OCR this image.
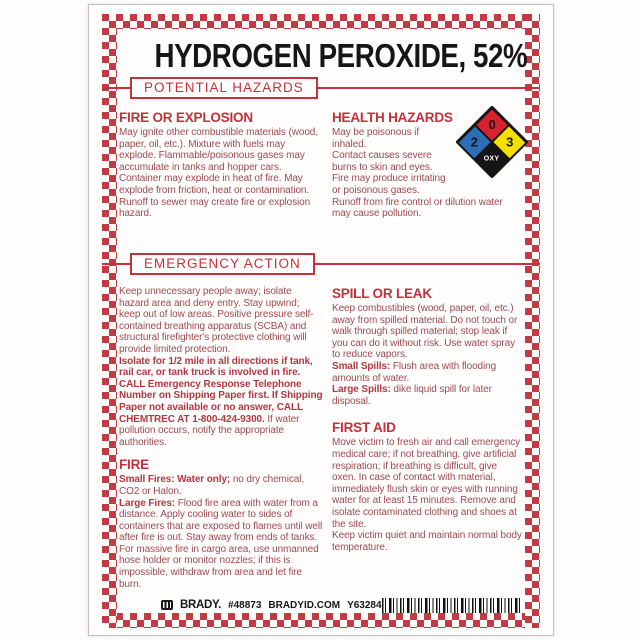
HYDROGEN PEROXIDE, 52%
POTENTIAL HAZARDS
FIRE OR EXPLOSION

May ignite other combustible materials (wood, paper, oil, etc.). Mixture with fuels may explode. Flammable/poisonous gases may accumulate in tanks and hopper cars. Container may explode in heat of fire. May explode from friction, heat or contamination. Runoff to sewer may create fire or explosion hazard.

0
3
2
OXY
HEALTH HAZARDS

May be poisonous if inhaled.

Contact causes severe burns to skin and eyes.

Fire may produce irritating or poisonous gases.

Runoff from fire control or dilution water may cause pollution.

EMERGENCY ACTION

Keep unnecessary people away; isolate hazard area and deny entry. Stay upwind; keep out of low areas. Positive pressure self-contained breathing apparatus (SCBA) and structural firefighter's protective clothing will provide limited protection.

Isolate for 1/2 mile in all directions if tank, rail car, or tank truck is involved in fire. CALL Emergency Response Telephone Number on Shipping Paper first. If Shipping Paper not available or no answer, CALL CHEMTREC AT 1-800-424-9300. If water pollution occurs, notify the appropriate authorities.

FIRE

Small Fires: Water only; no dry chemical, CO2 or Halon.

Large Fires: Flood fire area with water from a distance. Apply cooling water to sides of containers that are exposed to flames until well after fire is out. Stay away from ends of tanks. For massive fire in cargo area, use unmanned hose holder or monitor nozzles; if this is impossible, withdraw from area and let fire burn.

SPILL OR LEAK

Keep combustibles (wood, paper, oil, etc.) away from spilled material. Do not touch or walk through spilled material; stop leak if you can do it without risk. Use water spray to reduce vapors.

Small Spills: Flush area with flooding amounts of water.

Large Spills: dike liquid spill for later disposal.

FIRST AID

Move victim to fresh air and call emergency medical care; if not breathing, give artificial respiration; if breathing is difficult, give oxen. In case of contact with material, immediately flush skin or eyes with running water for at least 15 minutes. Remove and isolate contaminated clothing and shoes at the site.

Keep victim quiet and maintain normal body temperature.

BRADY. #48873 BRADYID.COM Y63284
